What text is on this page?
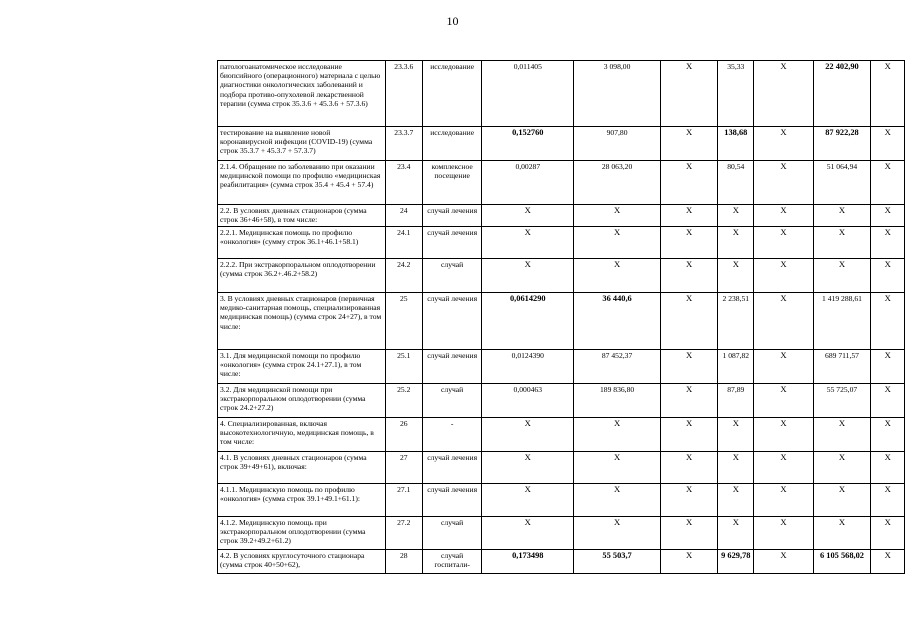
10
патологоанатомическое исследование биопсийного (операционного) материала с целью диагностики онкологических заболеваний и подбора противо-опухолевой лекарственной терапии (сумма строк 35.3.6 + 45.3.6 + 57.3.6)	23.3.6	исследование	0,011405	3 098,00	Х	35,33	Х	22 402,90	Х
тестирование на выявление новой коронавирусной инфекции (COVID-19) (сумма строк 35.3.7 + 45.3.7 + 57.3.7)	23.3.7	исследование	0,152760	907,80	Х	138,68	Х	87 922,28	Х
2.1.4. Обращение по заболеванию при оказании медицинской помощи по профилю «медицинская реабилитация» (сумма строк 35.4 + 45.4 + 57.4)	23.4	комплексное посещение	0,00287	28 063,20	Х	80,54	Х	51 064,94	Х
2.2. В условиях дневных стационаров (сумма строк 36+46+58), в том числе:	24	случай лечения	Х	Х	Х	Х	Х	Х	Х
2.2.1. Медицинская помощь по профилю «онкология» (сумму строк 36.1+46.1+58.1)	24.1	случай лечения	Х	Х	Х	Х	Х	Х	Х
2.2.2. При экстракорпоральном оплодотворении (сумма строк 36.2+.46.2+58.2)	24.2	случай	Х	Х	Х	Х	Х	Х	Х
3. В условиях дневных стационаров (первичная медико-санитарная помощь, специализированная медицинская помощь) (сумма строк 24+27), в том числе:	25	случай лечения	0,0614290	36 440,6	Х	2 238,51	Х	1 419 288,61	Х
3.1. Для медицинской помощи по профилю «онкология» (сумма строк 24.1+27.1), в том числе:	25.1	случай лечения	0,0124390	87 452,37	Х	1 087,82	Х	689 711,57	Х
3.2. Для медицинской помощи при экстракорпоральном оплодотворении (сумма строк 24.2+27.2)	25.2	случай	0,000463	189 836,80	Х	87,89	Х	55 725,07	Х
4. Специализированная, включая высокотехнологичную, медицинская помощь, в том числе:	26	-	Х	Х	Х	Х	Х	Х	Х
4.1. В условиях дневных стационаров (сумма строк 39+49+61), включая:	27	случай лечения	Х	Х	Х	Х	Х	Х	Х
4.1.1. Медицинскую помощь по профилю «онкология» (сумма строк 39.1+49.1+61.1):	27.1	случай лечения	Х	Х	Х	Х	Х	Х	Х
4.1.2. Медицинскую помощь при экстракорпоральном оплодотворении (сумма строк 39.2+49.2+61.2)	27.2	случай	Х	Х	Х	Х	Х	Х	Х
4.2. В условиях круглосуточного стационара (сумма строк 40+50+62),	28	случай госпитали-	0,173498	55 503,7	Х	9 629,78	Х	6 105 568,02	Х
